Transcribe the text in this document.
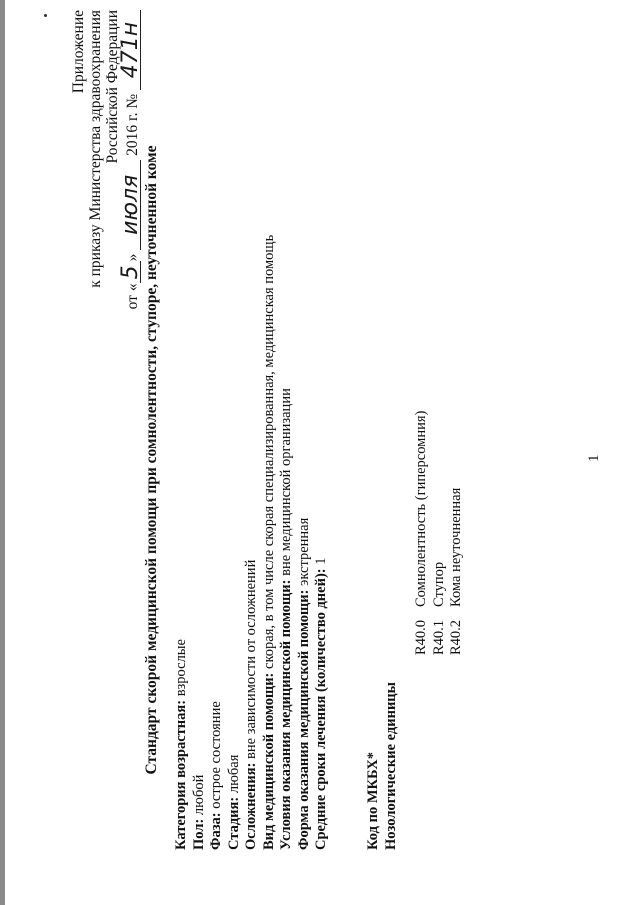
Приложение к приказу Министерства здравоохранения Российской Федерации
от «5» июля 2016 г. № 471н
Стандарт скорой медицинской помощи при сомнолентности, ступоре, неуточненной коме
Категория возрастная: взрослые
Пол: любой
Фаза: острое состояние
Стадия: любая Осложнения: вне зависимости от осложнений Вид медицинской помощи: скорая, в том числе скорая специализированная, медицинская помощь
Условия оказания медицинской помощи: вне медицинской организации
Форма оказания медицинской помощи: экстренная
Средние сроки лечения (количество дней): 1
Код по МКБХ* Нозологические единицы
R40.0Сомнолентность (гиперсомния)
R40.1Ступор
R40.2Кома неуточненная
1
